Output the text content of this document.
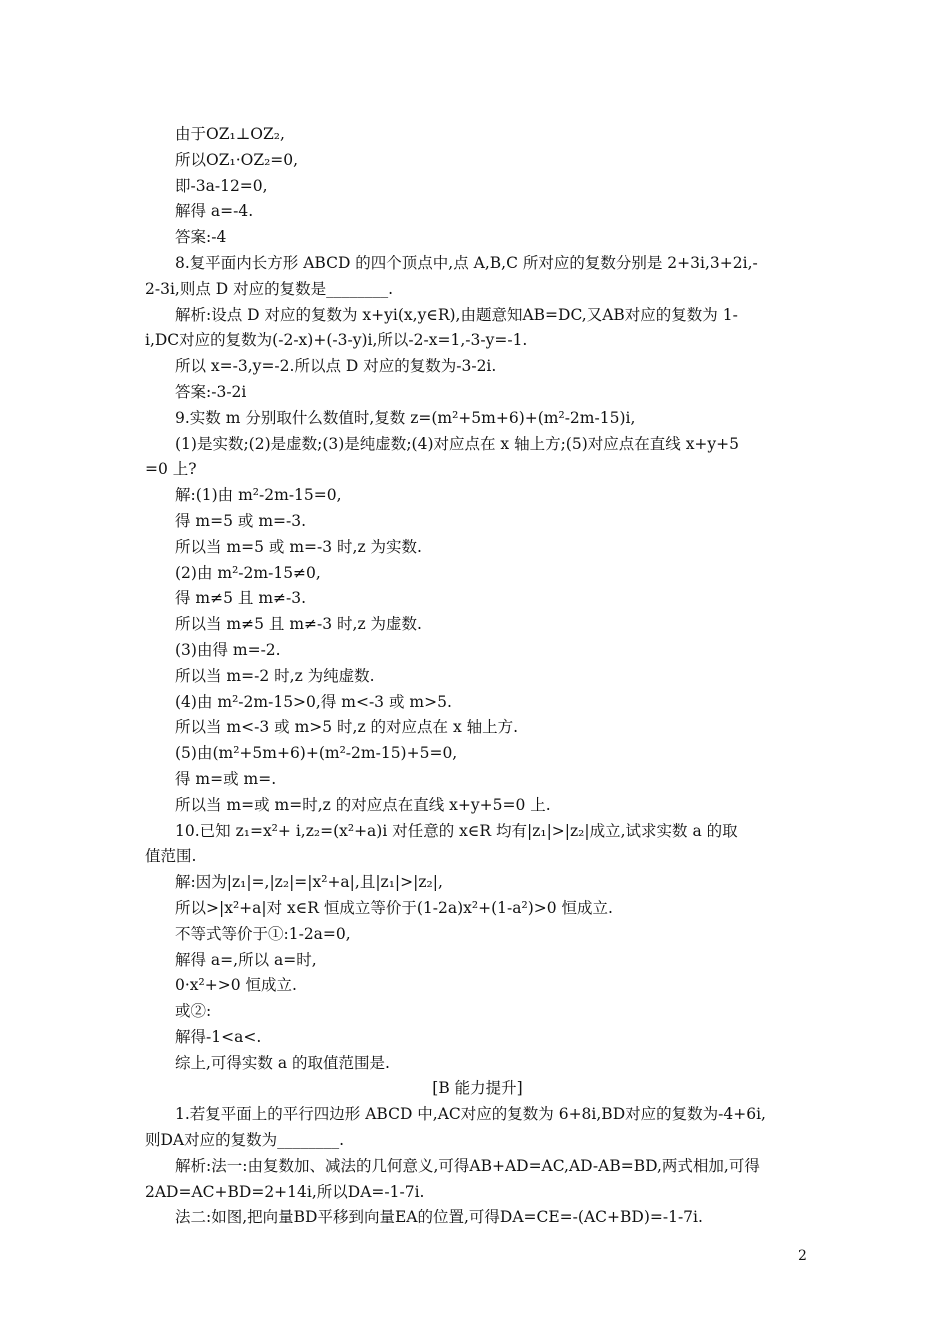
由于OZ₁⊥OZ₂,

所以OZ₁·OZ₂=0,

即-3a-12=0,

解得 a=-4.

答案:-4

8.复平面内长方形 ABCD 的四个顶点中,点 A,B,C 所对应的复数分别是 2+3i,3+2i,-

2-3i,则点 D 对应的复数是________.

解析:设点 D 对应的复数为 x+yi(x,y∈R),由题意知AB=DC,又AB对应的复数为 1-

i,DC对应的复数为(-2-x)+(-3-y)i,所以-2-x=1,-3-y=-1.

所以 x=-3,y=-2.所以点 D 对应的复数为-3-2i.

答案:-3-2i

9.实数 m 分别取什么数值时,复数 z=(m²+5m+6)+(m²-2m-15)i,

(1)是实数;(2)是虚数;(3)是纯虚数;(4)对应点在 x 轴上方;(5)对应点在直线 x+y+5

=0 上?

解:(1)由 m²-2m-15=0,

得 m=5 或 m=-3.

所以当 m=5 或 m=-3 时,z 为实数.

(2)由 m²-2m-15≠0,

得 m≠5 且 m≠-3.

所以当 m≠5 且 m≠-3 时,z 为虚数.

(3)由得 m=-2.

所以当 m=-2 时,z 为纯虚数.

(4)由 m²-2m-15>0,得 m<-3 或 m>5.

所以当 m<-3 或 m>5 时,z 的对应点在 x 轴上方.

(5)由(m²+5m+6)+(m²-2m-15)+5=0,

得 m=或 m=.

所以当 m=或 m=时,z 的对应点在直线 x+y+5=0 上.

10.已知 z₁=x²+ i,z₂=(x²+a)i 对任意的 x∈R 均有|z₁|>|z₂|成立,试求实数 a 的取

值范围.

解:因为|z₁|=,|z₂|=|x²+a|,且|z₁|>|z₂|,

所以>|x²+a|对 x∈R 恒成立等价于(1-2a)x²+(1-a²)>0 恒成立.

不等式等价于①:1-2a=0,

解得 a=,所以 a=时,

0·x²+>0 恒成立.

或②:

解得-1<a<.

综上,可得实数 a 的取值范围是.

[B 能力提升]

1.若复平面上的平行四边形 ABCD 中,AC对应的复数为 6+8i,BD对应的复数为-4+6i,

则DA对应的复数为________.

解析:法一:由复数加、减法的几何意义,可得AB+AD=AC,AD-AB=BD,两式相加,可得

2AD=AC+BD=2+14i,所以DA=-1-7i.

法二:如图,把向量BD平移到向量EA的位置,可得DA=CE=-(AC+BD)=-1-7i.

2
